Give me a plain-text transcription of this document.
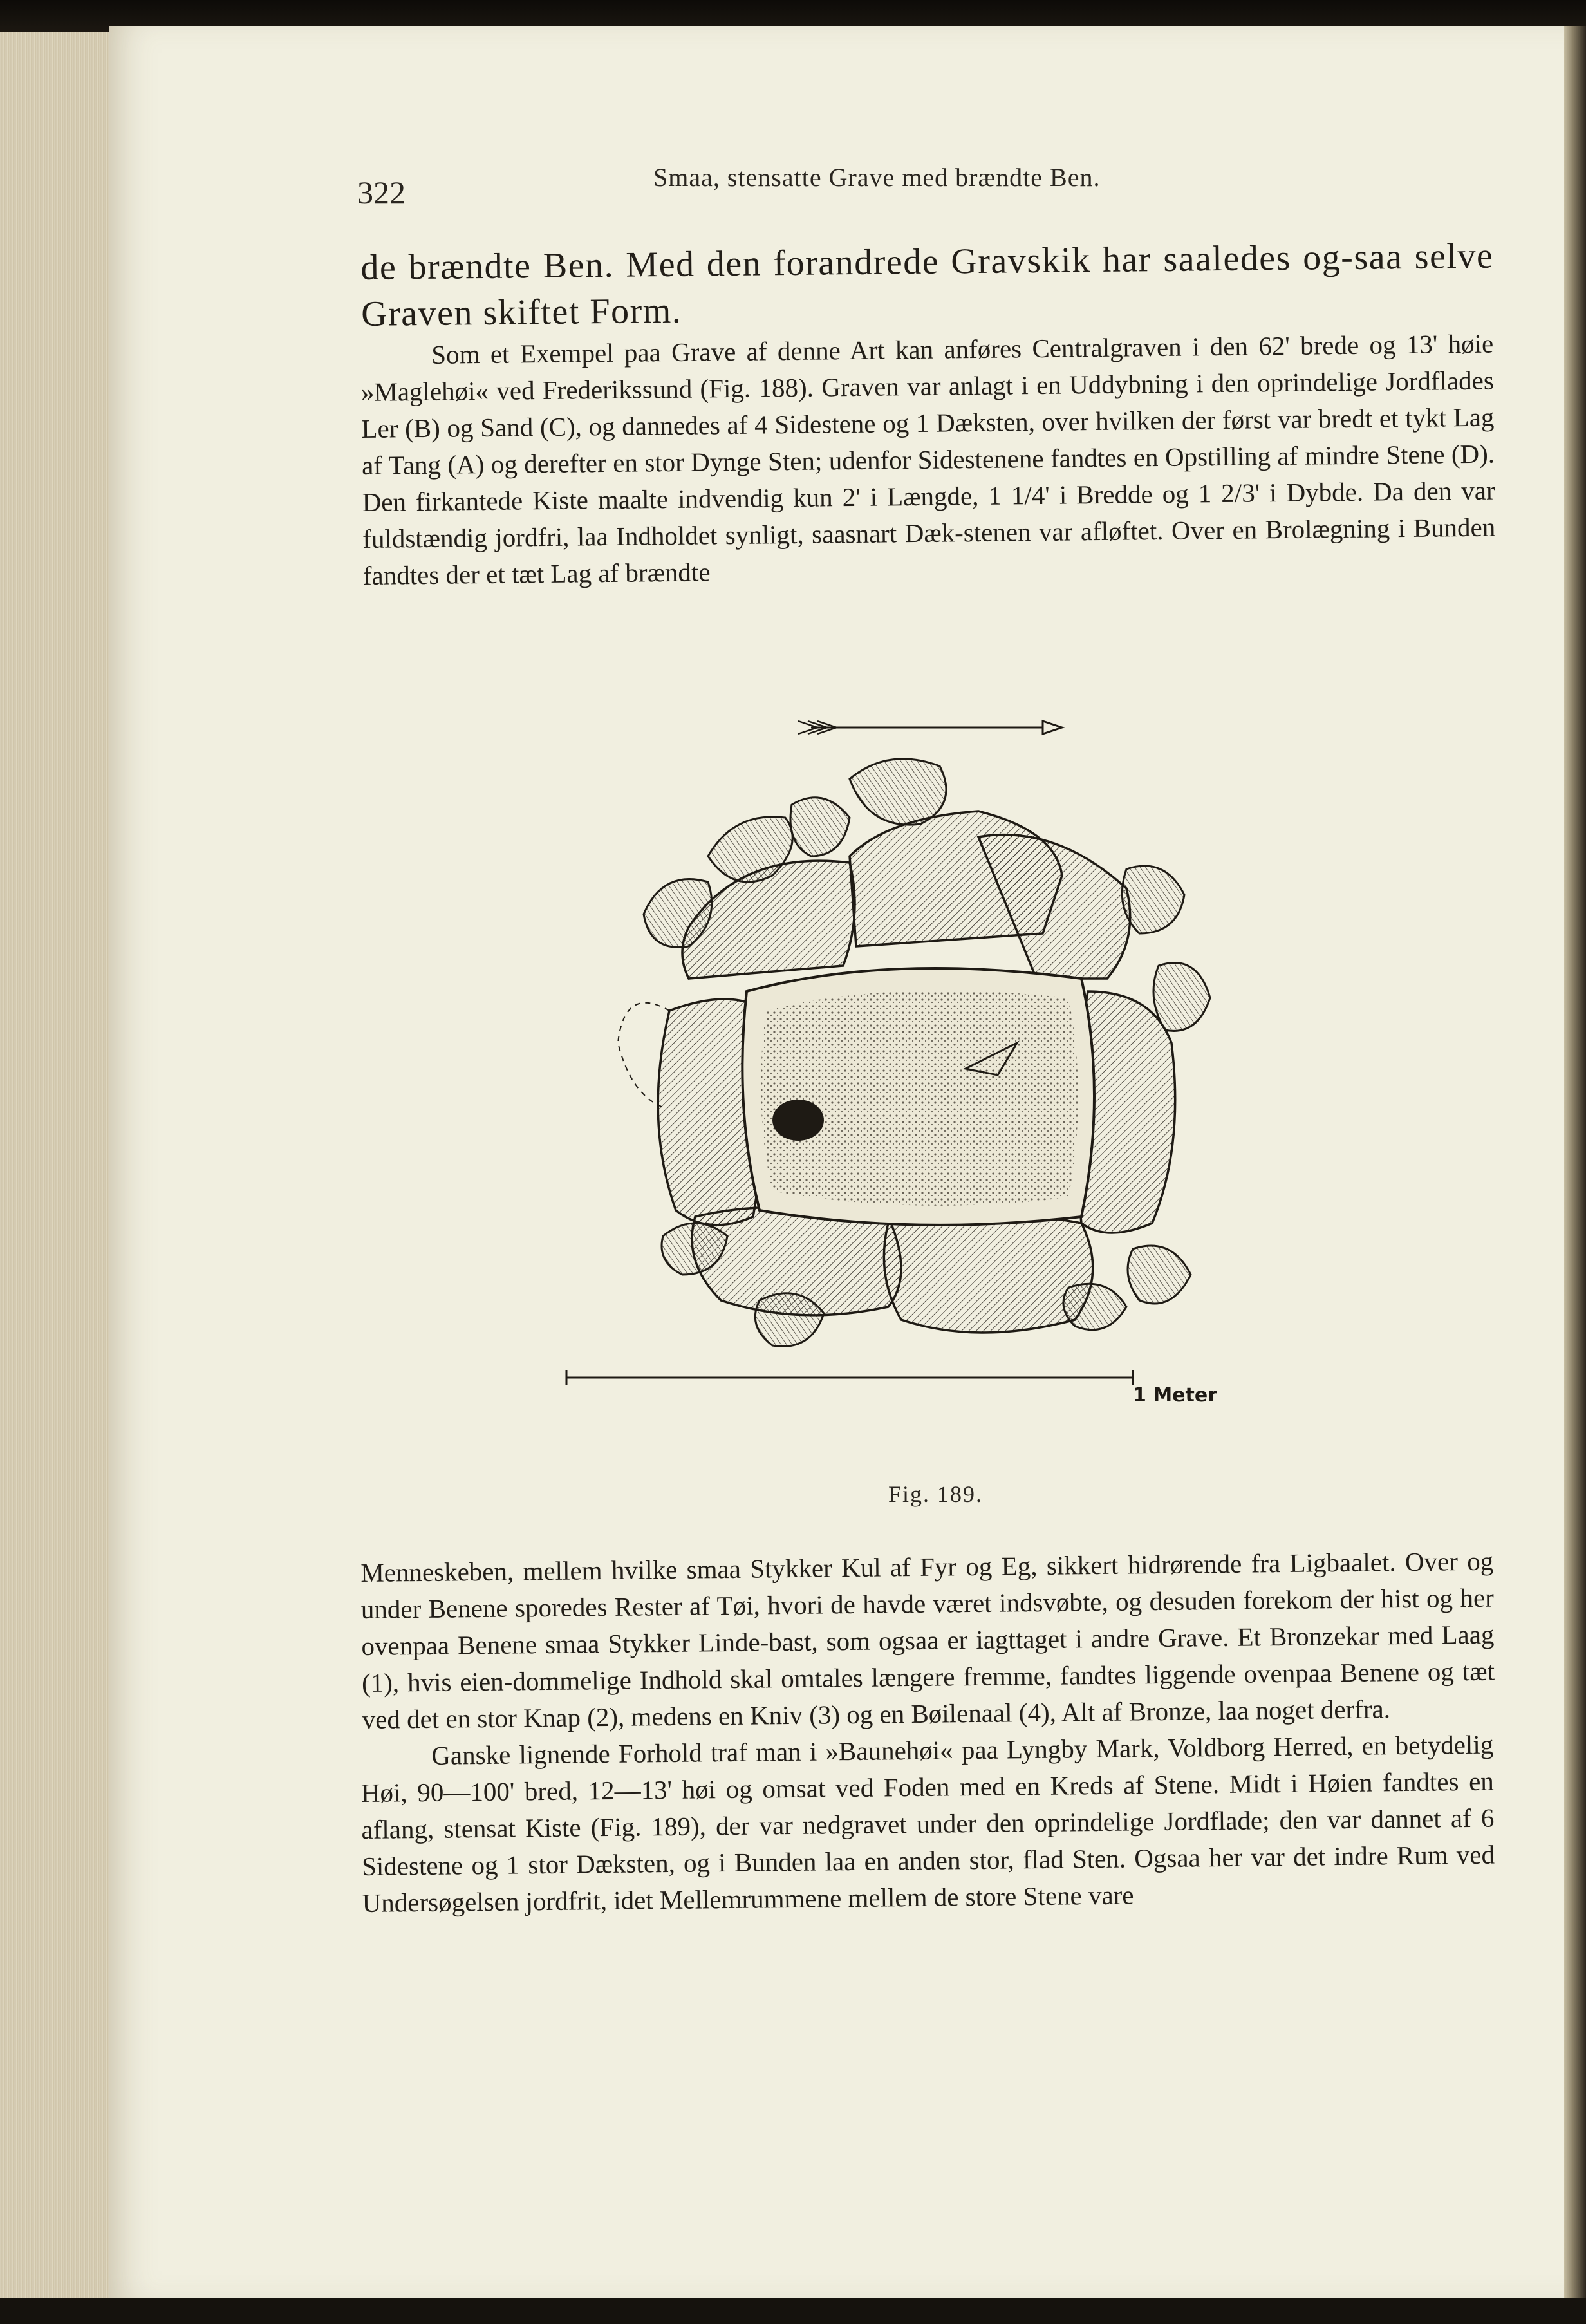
322	Smaa, stensatte Grave med brændte Ben.

de brændte Ben. Med den forandrede Gravskik har saaledes og-saa selve Graven skiftet Form.

Som et Exempel paa Grave af denne Art kan anføres Centralgraven i den 62' brede og 13' høie »Maglehøi« ved Frederikssund (Fig. 188). Graven var anlagt i en Uddybning i den oprindelige Jordflades Ler (B) og Sand (C), og dannedes af 4 Sidestene og 1 Dæksten, over hvilken der først var bredt et tykt Lag af Tang (A) og derefter en stor Dynge Sten; udenfor Sidestenene fandtes en Opstilling af mindre Stene (D). Den firkantede Kiste maalte indvendig kun 2' i Længde, 1 1/4' i Bredde og 1 2/3' i Dybde. Da den var fuldstændig jordfri, laa Indholdet synligt, saasnart Dæk-stenen var afløftet. Over en Brolægning i Bunden fandtes der et tæt Lag af brændte

1 Meter
Fig. 189.

Menneskeben, mellem hvilke smaa Stykker Kul af Fyr og Eg, sikkert hidrørende fra Ligbaalet. Over og under Benene sporedes Rester af Tøi, hvori de havde været indsvøbte, og desuden forekom der hist og her ovenpaa Benene smaa Stykker Linde-bast, som ogsaa er iagttaget i andre Grave. Et Bronzekar med Laag (1), hvis eien-dommelige Indhold skal omtales længere fremme, fandtes liggende ovenpaa Benene og tæt ved det en stor Knap (2), medens en Kniv (3) og en Bøilenaal (4), Alt af Bronze, laa noget derfra.

Ganske lignende Forhold traf man i »Baunehøi« paa Lyngby Mark, Voldborg Herred, en betydelig Høi, 90—100' bred, 12—13' høi og omsat ved Foden med en Kreds af Stene. Midt i Høien fandtes en aflang, stensat Kiste (Fig. 189), der var nedgravet under den oprindelige Jordflade; den var dannet af 6 Sidestene og 1 stor Dæksten, og i Bunden laa en anden stor, flad Sten. Ogsaa her var det indre Rum ved Undersøgelsen jordfrit, idet Mellemrummene mellem de store Stene vare
